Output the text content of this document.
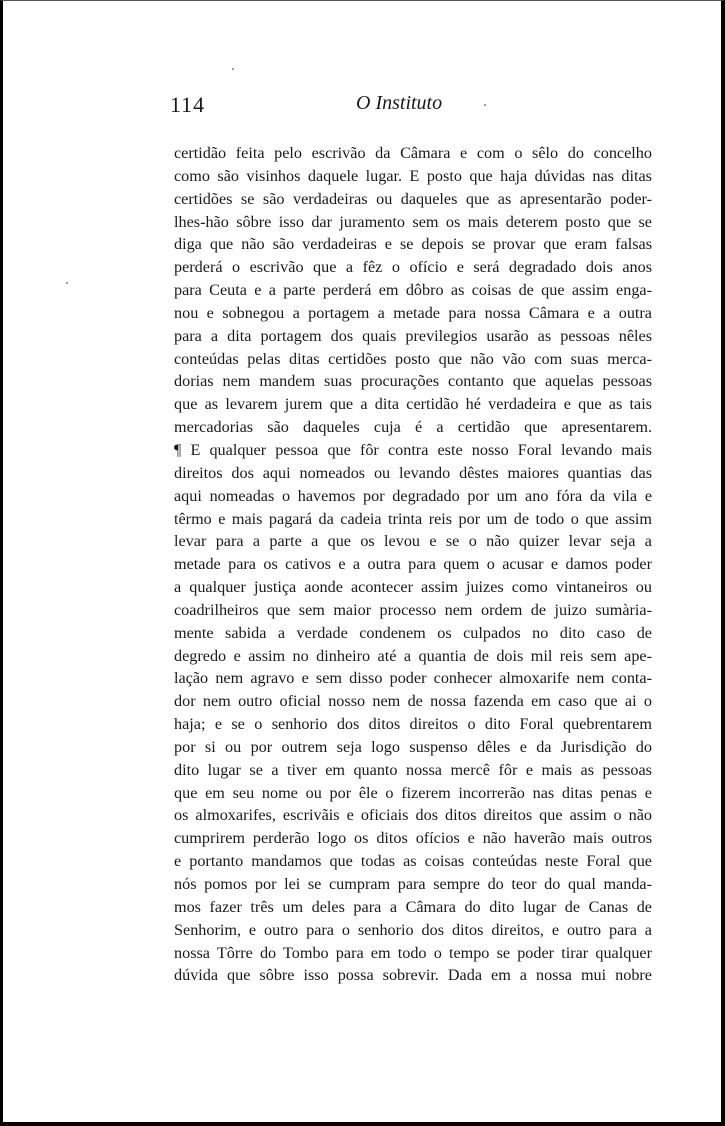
114	O Instituto
certidão feita pelo escrivão da Câmara e com o sêlo do concelho
como são visinhos daquele lugar. E posto que haja dúvidas nas ditas
certidões se são verdadeiras ou daqueles que as apresentarão poder-
lhes-hão sôbre isso dar juramento sem os mais deterem posto que se
diga que não são verdadeiras e se depois se provar que eram falsas
perderá o escrivão que a fêz o ofício e será degradado dois anos
para Ceuta e a parte perderá em dôbro as coisas de que assim enga-
nou e sobnegou a portagem a metade para nossa Câmara e a outra
para a dita portagem dos quais previlegios usarão as pessoas nêles
conteúdas pelas ditas certidões posto que não vão com suas merca-
dorias nem mandem suas procurações contanto que aquelas pessoas
que as levarem jurem que a dita certidão hé verdadeira e que as tais
mercadorias são daqueles cuja é a certidão que apresentarem.
¶ E qualquer pessoa que fôr contra este nosso Foral levando mais
direitos dos aqui nomeados ou levando dêstes maiores quantias das
aqui nomeadas o havemos por degradado por um ano fóra da vila e
têrmo e mais pagará da cadeia trinta reis por um de todo o que assim
levar para a parte a que os levou e se o não quizer levar seja a
metade para os cativos e a outra para quem o acusar e damos poder
a qualquer justiça aonde acontecer assim juizes como vintaneiros ou
coadrilheiros que sem maior processo nem ordem de juizo sumària-
mente sabida a verdade condenem os culpados no dito caso de
degredo e assim no dinheiro até a quantia de dois mil reis sem ape-
lação nem agravo e sem disso poder conhecer almoxarife nem conta-
dor nem outro oficial nosso nem de nossa fazenda em caso que ai o
haja; e se o senhorio dos ditos direitos o dito Foral quebrentarem
por si ou por outrem seja logo suspenso dêles e da Jurisdição do
dito lugar se a tiver em quanto nossa mercê fôr e mais as pessoas
que em seu nome ou por êle o fizerem incorrerão nas ditas penas e
os almoxarifes, escrivãis e oficiais dos ditos direitos que assim o não
cumprirem perderão logo os ditos ofícios e não haverão mais outros
e portanto mandamos que todas as coisas conteúdas neste Foral que
nós pomos por lei se cumpram para sempre do teor do qual manda-
mos fazer três um deles para a Câmara do dito lugar de Canas de
Senhorim, e outro para o senhorio dos ditos direitos, e outro para a
nossa Tôrre do Tombo para em todo o tempo se poder tirar qualquer
dúvida que sôbre isso possa sobrevir. Dada em a nossa mui nobre
